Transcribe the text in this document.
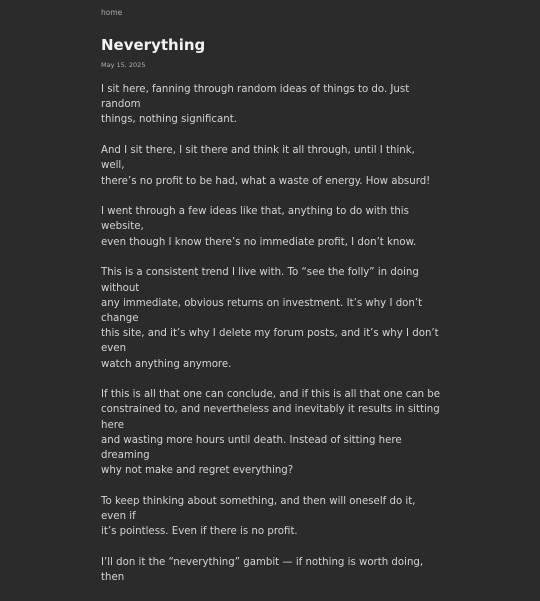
home
Neverything
May 15, 2025

I sit here, fanning through random ideas of things to do. Just random
things, nothing significant.

And I sit there, I sit there and think it all through, until I think, well,
there’s no profit to be had, what a waste of energy. How absurd!

I went through a few ideas like that, anything to do with this website,
even though I know there’s no immediate profit, I don’t know.

This is a consistent trend I live with. To “see the folly” in doing without
any immediate, obvious returns on investment. It’s why I don’t change
this site, and it’s why I delete my forum posts, and it’s why I don’t even
watch anything anymore.

If this is all that one can conclude, and if this is all that one can be
constrained to, and nevertheless and inevitably it results in sitting here
and wasting more hours until death. Instead of sitting here dreaming
why not make and regret everything?

To keep thinking about something, and then will oneself do it, even if
it’s pointless. Even if there is no profit.

I’ll don it the “neverything” gambit — if nothing is worth doing, then
